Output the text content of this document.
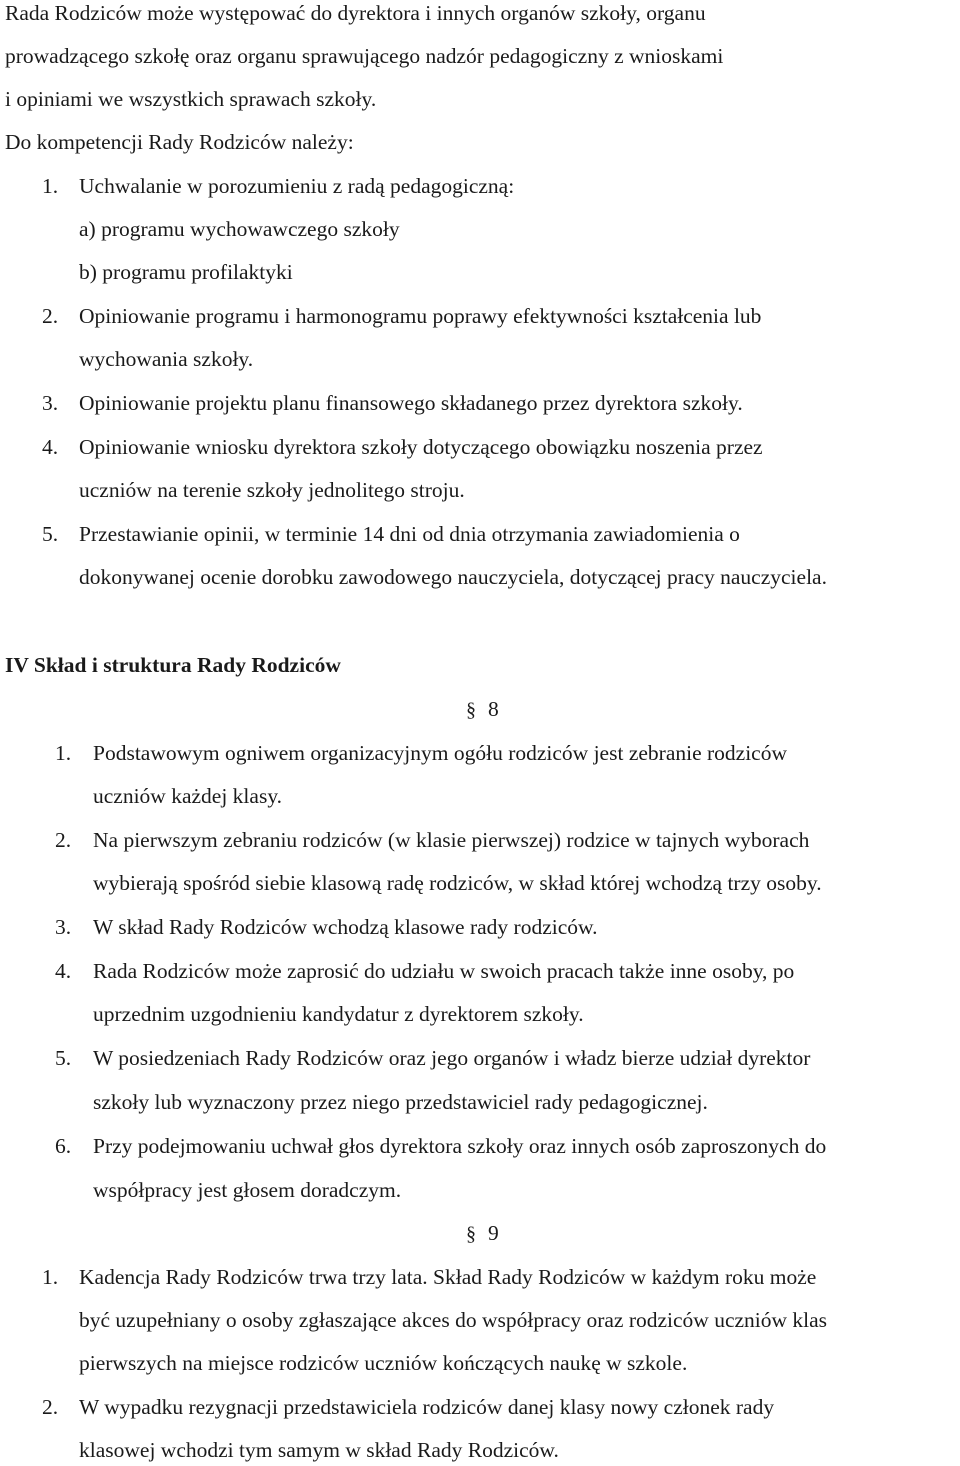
Rada Rodziców może występować do dyrektora i innych organów szkoły, organu
prowadzącego szkołę oraz organu sprawującego nadzór pedagogiczny z wnioskami
i opiniami we wszystkich sprawach szkoły.
Do kompetencji Rady Rodziców należy:
1. Uchwalanie w porozumieniu z radą pedagogiczną:
a) programu wychowawczego szkoły
b) programu profilaktyki
2. Opiniowanie programu i harmonogramu poprawy efektywności kształcenia lub
wychowania szkoły.
3. Opiniowanie projektu planu finansowego składanego przez dyrektora szkoły.
4. Opiniowanie wniosku dyrektora szkoły dotyczącego obowiązku noszenia przez
uczniów na terenie szkoły jednolitego stroju.
5. Przestawianie opinii, w terminie 14 dni od dnia otrzymania zawiadomienia o
dokonywanej ocenie dorobku zawodowego nauczyciela, dotyczącej pracy nauczyciela.
IV Skład i struktura Rady Rodziców
§ 8
1. Podstawowym ogniwem organizacyjnym ogółu rodziców jest zebranie rodziców
uczniów każdej klasy.
2. Na pierwszym zebraniu rodziców (w klasie pierwszej) rodzice w tajnych wyborach
wybierają spośród siebie klasową radę rodziców, w skład której wchodzą trzy osoby.
3. W skład Rady Rodziców wchodzą klasowe rady rodziców.
4. Rada Rodziców może zaprosić do udziału w swoich pracach także inne osoby, po
uprzednim uzgodnieniu kandydatur z dyrektorem szkoły.
5. W posiedzeniach Rady Rodziców oraz jego organów i władz bierze udział dyrektor
szkoły lub wyznaczony przez niego przedstawiciel rady pedagogicznej.
6. Przy podejmowaniu uchwał głos dyrektora szkoły oraz innych osób zaproszonych do
współpracy jest głosem doradczym.
§ 9
1. Kadencja Rady Rodziców trwa trzy lata. Skład Rady Rodziców w każdym roku może
być uzupełniany o osoby zgłaszające akces do współpracy oraz rodziców uczniów klas
pierwszych na miejsce rodziców uczniów kończących naukę w szkole.
2. W wypadku rezygnacji przedstawiciela rodziców danej klasy nowy członek rady
klasowej wchodzi tym samym w skład Rady Rodziców.
